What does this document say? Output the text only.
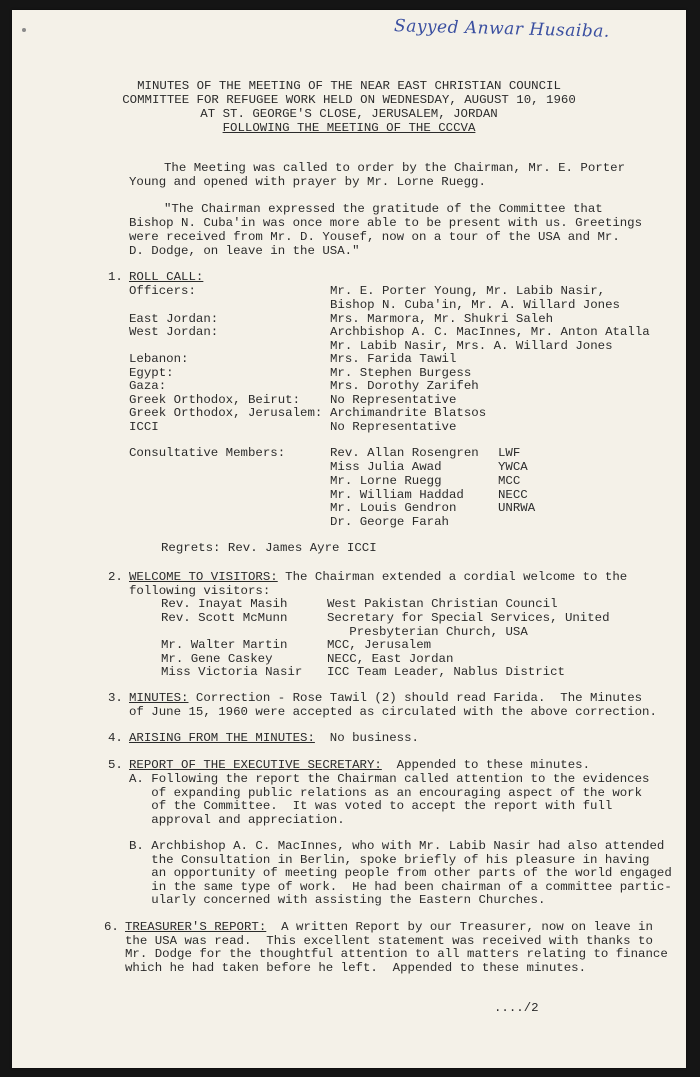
Sayyed Anwar Husaiba.
MINUTES OF THE MEETING OF THE NEAR EAST CHRISTIAN COUNCIL
COMMITTEE FOR REFUGEE WORK HELD ON WEDNESDAY, AUGUST 10, 1960
AT ST. GEORGE'S CLOSE, JERUSALEM, JORDAN
FOLLOWING THE MEETING OF THE CCCVA
The Meeting was called to order by the Chairman, Mr. E. Porter
Young and opened with prayer by Mr. Lorne Ruegg.
"The Chairman expressed the gratitude of the Committee that
Bishop N. Cuba'in was once more able to be present with us. Greetings
were received from Mr. D. Yousef, now on a tour of the USA and Mr.
D. Dodge, on leave in the USA."
1. ROLL CALL:
Officers:	Mr. E. Porter Young, Mr. Labib Nasir,
Bishop N. Cuba'in, Mr. A. Willard Jones
East Jordan:	Mrs. Marmora, Mr. Shukri Saleh
West Jordan:	Archbishop A. C. MacInnes, Mr. Anton Atalla
Mr. Labib Nasir, Mrs. A. Willard Jones
Lebanon:	Mrs. Farida Tawil
Egypt:	Mr. Stephen Burgess
Gaza:	Mrs. Dorothy Zarifeh
Greek Orthodox, Beirut: No Representative
Greek Orthodox, Jerusalem: Archimandrite Blatsos
ICCI	No Representative
Consultative Members:	Rev. Allan Rosengren LWF
Miss Julia Awad	YWCA
Mr. Lorne Ruegg	MCC
Mr. William Haddad	NECC
Mr. Louis Gendron	UNRWA
Dr. George Farah
Regrets: Rev. James Ayre ICCI
2. WELCOME TO VISITORS: The Chairman extended a cordial welcome to the
following visitors:
Rev. Inayat Masih	West Pakistan Christian Council
Rev. Scott McMunn	Secretary for Special Services, United
Presbyterian Church, USA
Mr. Walter Martin	MCC, Jerusalem
Mr. Gene Caskey	NECC, East Jordan
Miss Victoria Nasir ICC Team Leader, Nablus District
3. MINUTES: Correction - Rose Tawil (2) should read Farida.  The Minutes
of June 15, 1960 were accepted as circulated with the above correction.
4. ARISING FROM THE MINUTES:  No business.
5. REPORT OF THE EXECUTIVE SECRETARY:  Appended to these minutes.
A. Following the report the Chairman called attention to the evidences
of expanding public relations as an encouraging aspect of the work
of the Committee.  It was voted to accept the report with full
approval and appreciation.
B. Archbishop A. C. MacInnes, who with Mr. Labib Nasir had also attended
the Consultation in Berlin, spoke briefly of his pleasure in having
an opportunity of meeting people from other parts of the world engaged
in the same type of work.  He had been chairman of a committee partic-
ularly concerned with assisting the Eastern Churches.
6. TREASURER'S REPORT:  A written Report by our Treasurer, now on leave in
the USA was read.  This excellent statement was received with thanks to
Mr. Dodge for the thoughtful attention to all matters relating to finance
which he had taken before he left.  Appended to these minutes.
..../2
